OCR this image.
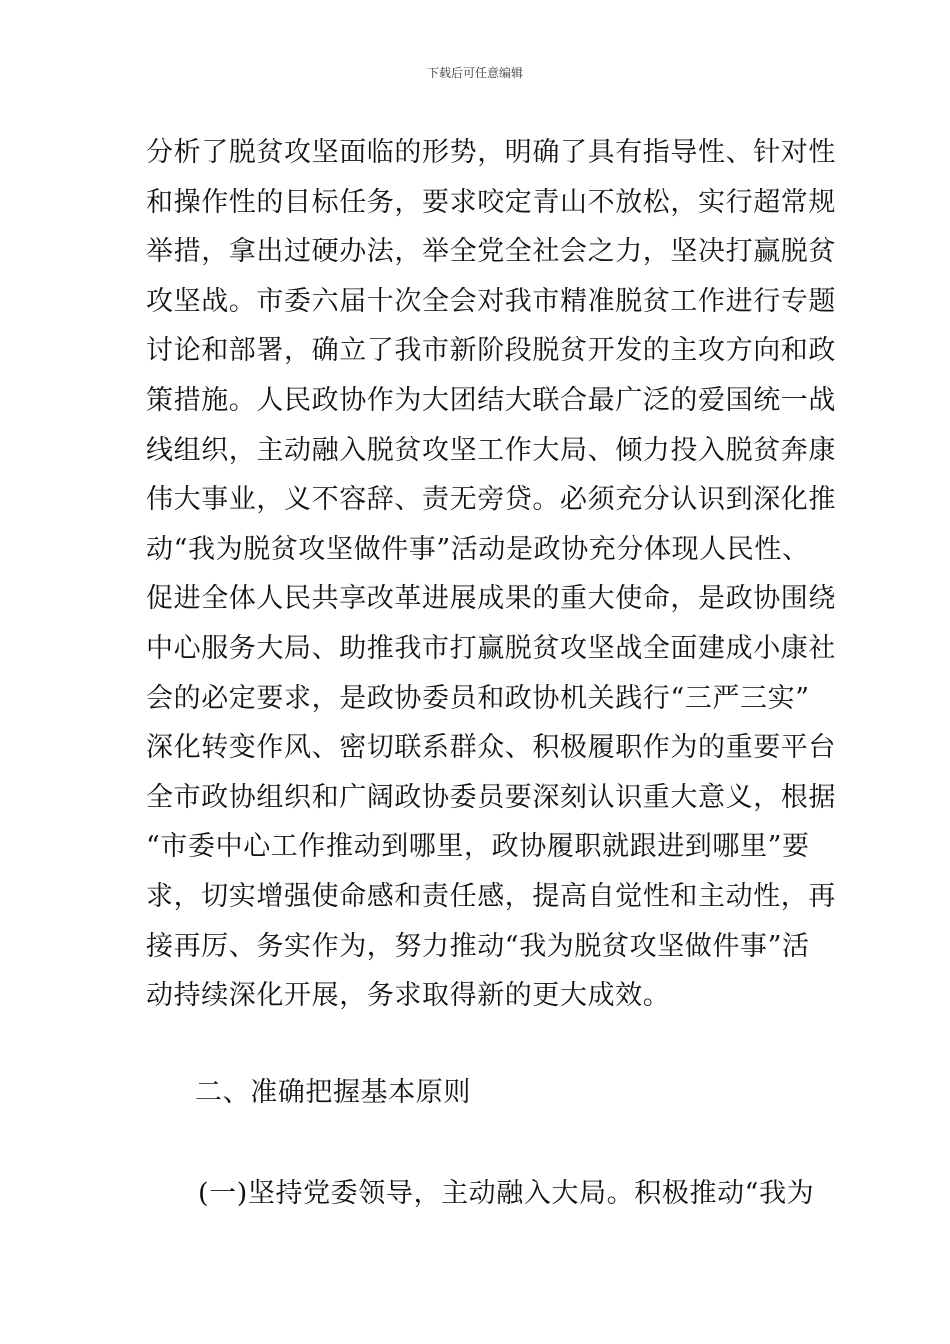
下载后可任意编辑
分析了脱贫攻坚面临的形势，明确了具有指导性、针对性
和操作性的目标任务，要求咬定青山不放松，实行超常规
举措，拿出过硬办法，举全党全社会之力，坚决打赢脱贫
攻坚战。市委六届十次全会对我市精准脱贫工作进行专题
讨论和部署，确立了我市新阶段脱贫开发的主攻方向和政
策措施。人民政协作为大团结大联合最广泛的爱国统一战
线组织，主动融入脱贫攻坚工作大局、倾力投入脱贫奔康
伟大事业，义不容辞、责无旁贷。必须充分认识到深化推
动“我为脱贫攻坚做件事”活动是政协充分体现人民性、
促进全体人民共享改革进展成果的重大使命，是政协围绕
中心服务大局、助推我市打赢脱贫攻坚战全面建成小康社
会的必定要求，是政协委员和政协机关践行“三严三实”
深化转变作风、密切联系群众、积极履职作为的重要平台
全市政协组织和广阔政协委员要深刻认识重大意义，根据
“市委中心工作推动到哪里，政协履职就跟进到哪里”要
求，切实增强使命感和责任感，提高自觉性和主动性，再
接再厉、务实作为，努力推动“我为脱贫攻坚做件事”活
动持续深化开展，务求取得新的更大成效。
二、准确把握基本原则
(一)坚持党委领导，主动融入大局。积极推动“我为
